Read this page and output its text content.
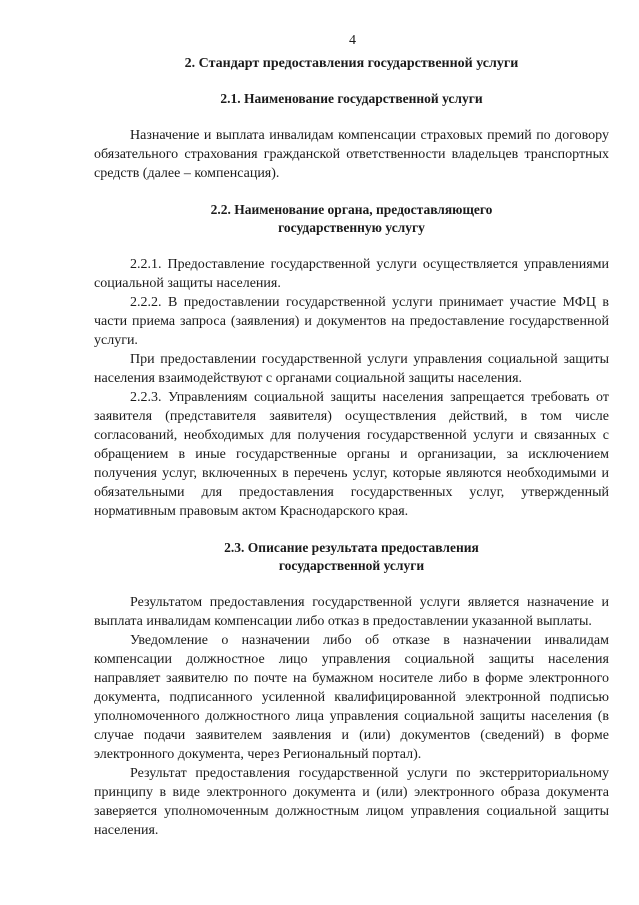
4
2. Стандарт предоставления государственной услуги
2.1. Наименование государственной услуги

Назначение и выплата инвалидам компенсации страховых премий по договору обязательного страхования гражданской ответственности владельцев транспортных средств (далее – компенсация).

2.2. Наименование органа, предоставляющего
государственную услугу

2.2.1. Предоставление государственной услуги осуществляется управлениями социальной защиты населения.

2.2.2. В предоставлении государственной услуги принимает участие МФЦ в части приема запроса (заявления) и документов на предоставление государственной услуги.

При предоставлении государственной услуги управления социальной защиты населения взаимодействуют с органами социальной защиты населения.

2.2.3. Управлениям социальной защиты населения запрещается требовать от заявителя (представителя заявителя) осуществления действий, в том числе согласований, необходимых для получения государственной услуги и связанных с обращением в иные государственные органы и организации, за исключением получения услуг, включенных в перечень услуг, которые являются необходимыми и обязательными для предоставления государственных услуг, утвержденный нормативным правовым актом Краснодарского края.

2.3. Описание результата предоставления
государственной услуги

Результатом предоставления государственной услуги является назначение и выплата инвалидам компенсации либо отказ в предоставлении указанной выплаты.

Уведомление о назначении либо об отказе в назначении инвалидам компенсации должностное лицо управления социальной защиты населения направляет заявителю по почте на бумажном носителе либо в форме электронного документа, подписанного усиленной квалифицированной электронной подписью уполномоченного должностного лица управления социальной защиты населения (в случае подачи заявителем заявления и (или) документов (сведений) в форме электронного документа, через Региональный портал).

Результат предоставления государственной услуги по экстерриториальному принципу в виде электронного документа и (или) электронного образа документа заверяется уполномоченным должностным лицом управления социальной защиты населения.
